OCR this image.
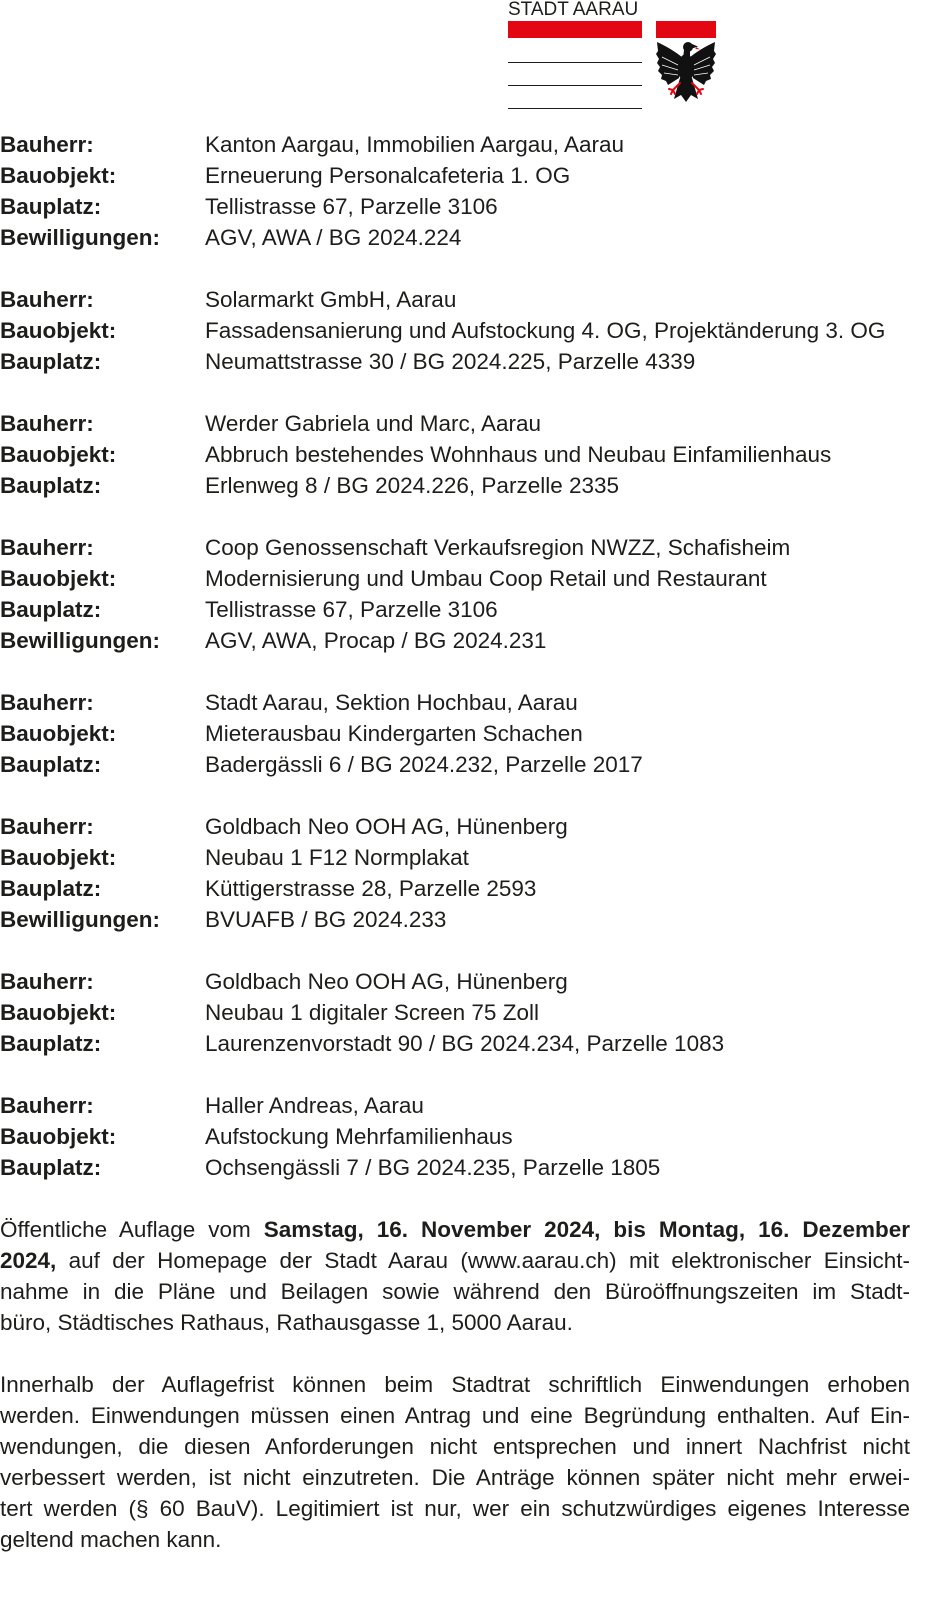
STADT AARAU
Bauherr:	Kanton Aargau, Immobilien Aargau, Aarau
Bauobjekt:	Erneuerung Personalcafeteria 1. OG
Bauplatz:	Tellistrasse 67, Parzelle 3106
Bewilligungen:	AGV, AWA / BG 2024.224
Bauherr:	Solarmarkt GmbH, Aarau
Bauobjekt:	Fassadensanierung und Aufstockung 4. OG, Projektänderung 3. OG
Bauplatz:	Neumattstrasse 30 / BG 2024.225, Parzelle 4339
Bauherr:	Werder Gabriela und Marc, Aarau
Bauobjekt:	Abbruch bestehendes Wohnhaus und Neubau Einfamilienhaus
Bauplatz:	Erlenweg 8 / BG 2024.226, Parzelle 2335
Bauherr:	Coop Genossenschaft Verkaufsregion NWZZ, Schafisheim
Bauobjekt:	Modernisierung und Umbau Coop Retail und Restaurant
Bauplatz:	Tellistrasse 67, Parzelle 3106
Bewilligungen:	AGV, AWA, Procap / BG 2024.231
Bauherr:	Stadt Aarau, Sektion Hochbau, Aarau
Bauobjekt:	Mieterausbau Kindergarten Schachen
Bauplatz:	Badergässli 6 / BG 2024.232, Parzelle 2017
Bauherr:	Goldbach Neo OOH AG, Hünenberg
Bauobjekt:	Neubau 1 F12 Normplakat
Bauplatz:	Küttigerstrasse 28, Parzelle 2593
Bewilligungen:	BVUAFB / BG 2024.233
Bauherr:	Goldbach Neo OOH AG, Hünenberg
Bauobjekt:	Neubau 1 digitaler Screen 75 Zoll
Bauplatz:	Laurenzenvorstadt 90 / BG 2024.234, Parzelle 1083
Bauherr:	Haller Andreas, Aarau
Bauobjekt:	Aufstockung Mehrfamilienhaus
Bauplatz:	Ochsengässli 7 / BG 2024.235, Parzelle 1805
Öffentliche Auflage vom Samstag, 16. November 2024, bis Montag, 16. Dezember
2024, auf der Homepage der Stadt Aarau (www.aarau.ch) mit elektronischer Einsicht-
nahme in die Pläne und Beilagen sowie während den Büroöffnungszeiten im Stadt-
büro, Städtisches Rathaus, Rathausgasse 1, 5000 Aarau.
Innerhalb der Auflagefrist können beim Stadtrat schriftlich Einwendungen erhoben
werden. Einwendungen müssen einen Antrag und eine Begründung enthalten. Auf Ein-
wendungen, die diesen Anforderungen nicht entsprechen und innert Nachfrist nicht
verbessert werden, ist nicht einzutreten. Die Anträge können später nicht mehr erwei-
tert werden (§ 60 BauV). Legitimiert ist nur, wer ein schutzwürdiges eigenes Interesse
geltend machen kann.
